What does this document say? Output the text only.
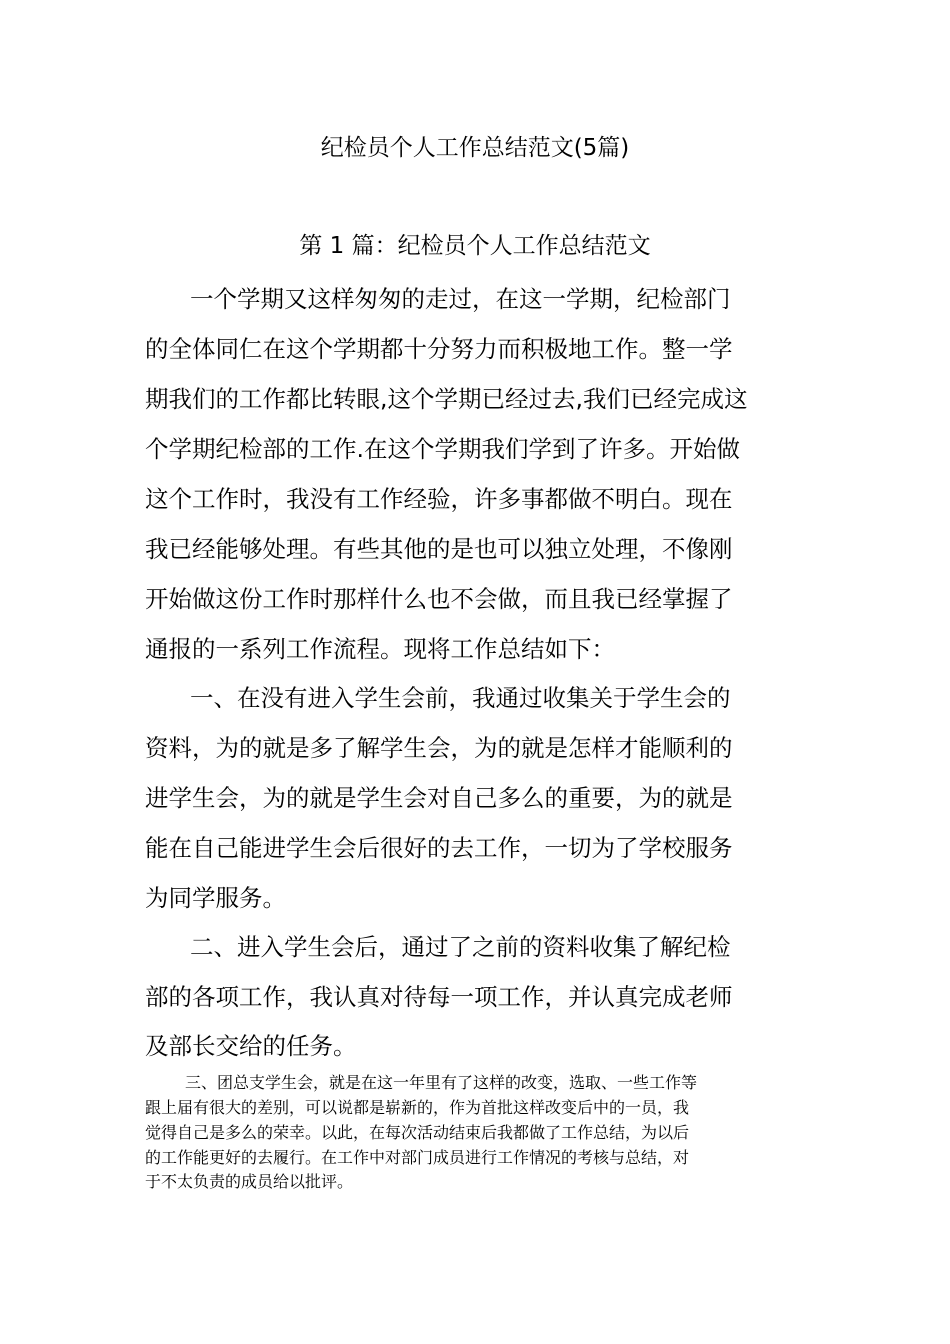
纪检员个人工作总结范文(5篇)
第 1 篇：纪检员个人工作总结范文
一个学期又这样匆匆的走过，在这一学期，纪检部门
的全体同仁在这个学期都十分努力而积极地工作。整一学
期我们的工作都比转眼,这个学期已经过去,我们已经完成这
个学期纪检部的工作.在这个学期我们学到了许多。开始做
这个工作时，我没有工作经验，许多事都做不明白。现在
我已经能够处理。有些其他的是也可以独立处理，不像刚
开始做这份工作时那样什么也不会做，而且我已经掌握了
通报的一系列工作流程。现将工作总结如下：
一、在没有进入学生会前，我通过收集关于学生会的
资料，为的就是多了解学生会，为的就是怎样才能顺利的
进学生会，为的就是学生会对自己多么的重要，为的就是
能在自己能进学生会后很好的去工作，一切为了学校服务
为同学服务。
二、进入学生会后，通过了之前的资料收集了解纪检
部的各项工作，我认真对待每一项工作，并认真完成老师
及部长交给的任务。
三、团总支学生会，就是在这一年里有了这样的改变，选取、一些工作等
跟上届有很大的差别，可以说都是崭新的，作为首批这样改变后中的一员，我
觉得自己是多么的荣幸。以此，在每次活动结束后我都做了工作总结，为以后
的工作能更好的去履行。在工作中对部门成员进行工作情况的考核与总结，对
于不太负责的成员给以批评。
